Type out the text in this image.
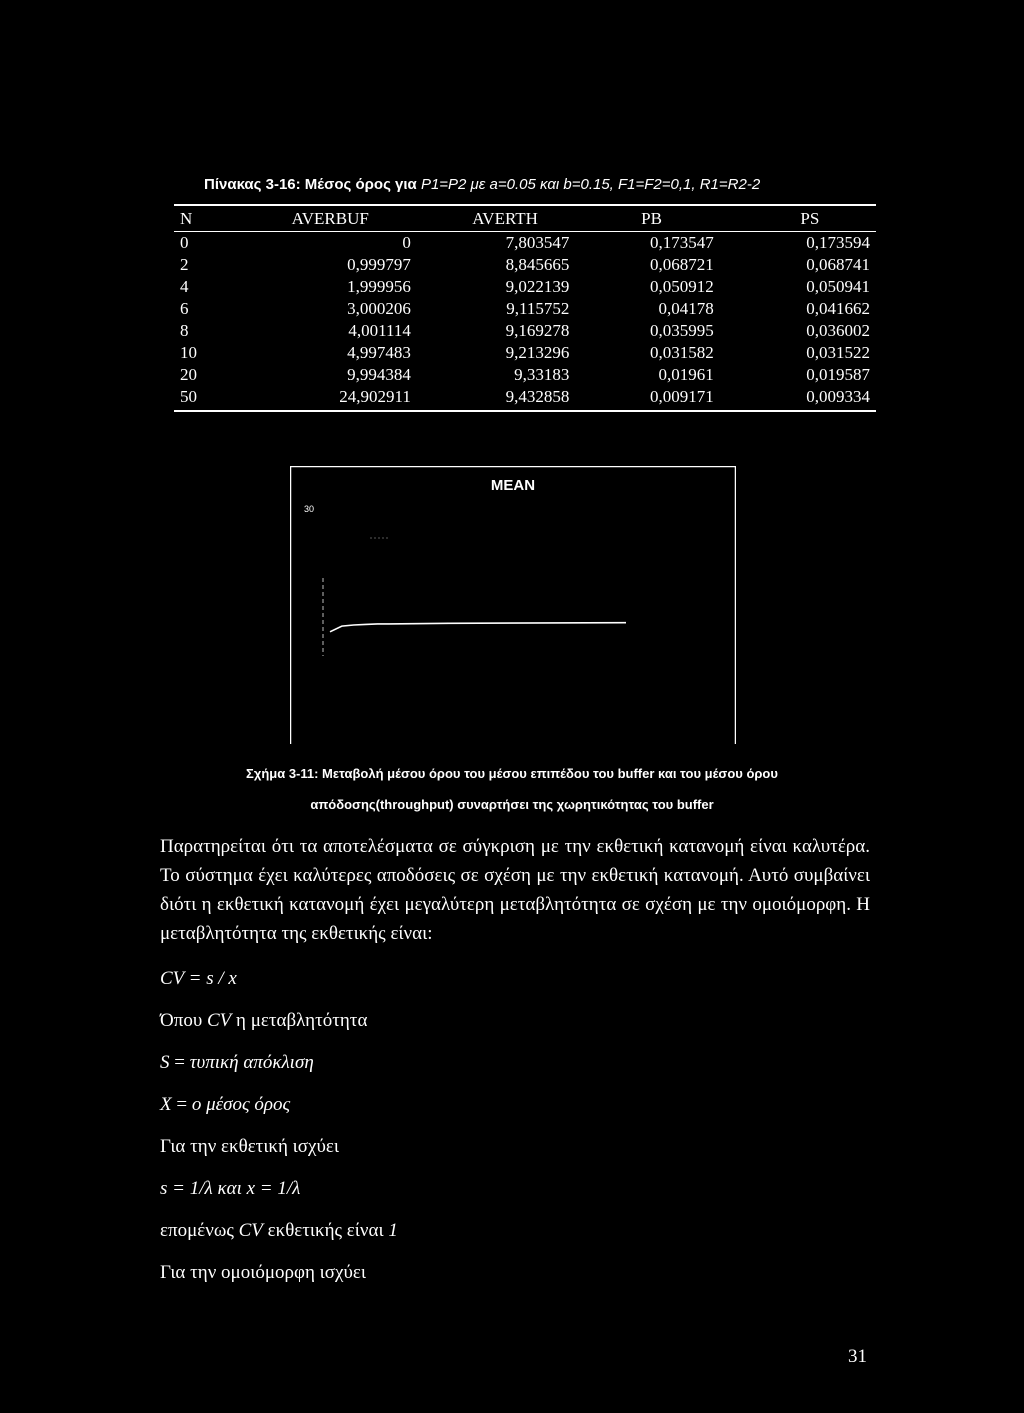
Πίνακας 3-16: Μέσος όρος για P1=P2 με a=0.05 και b=0.15, F1=F2=0,1, R1=R2-2
N	AVERBUF	AVERTH	PB	PS
0	0	7,803547	0,173547	0,173594
2	0,999797	8,845665	0,068721	0,068741
4	1,999956	9,022139	0,050912	0,050941
6	3,000206	9,115752	0,04178	0,041662
8	4,001114	9,169278	0,035995	0,036002
10	4,997483	9,213296	0,031582	0,031522
20	9,994384	9,33183	0,01961	0,019587
50	24,902911	9,432858	0,009171	0,009334
MEAN
30
Σχήμα 3-11: Μεταβολή μέσου όρου του μέσου επιπέδου του buffer και του μέσου όρου
απόδοσης(throughput) συναρτήσει της χωρητικότητας του buffer
Παρατηρείται ότι τα αποτελέσματα σε σύγκριση με την εκθετική κατανομή είναι καλυτέρα. Το σύστημα έχει καλύτερες αποδόσεις σε σχέση με την εκθετική κατανομή. Αυτό συμβαίνει διότι η εκθετική κατανομή έχει μεγαλύτερη μεταβλητότητα σε σχέση με την ομοιόμορφη. Η μεταβλητότητα της εκθετικής είναι:
CV = s / x
Όπου CV η μεταβλητότητα
S = τυπική απόκλιση
X = ο μέσος όρος
Για την εκθετική ισχύει
s = 1/λ και x = 1/λ
επομένως CV εκθετικής είναι 1
Για την ομοιόμορφη ισχύει
31
